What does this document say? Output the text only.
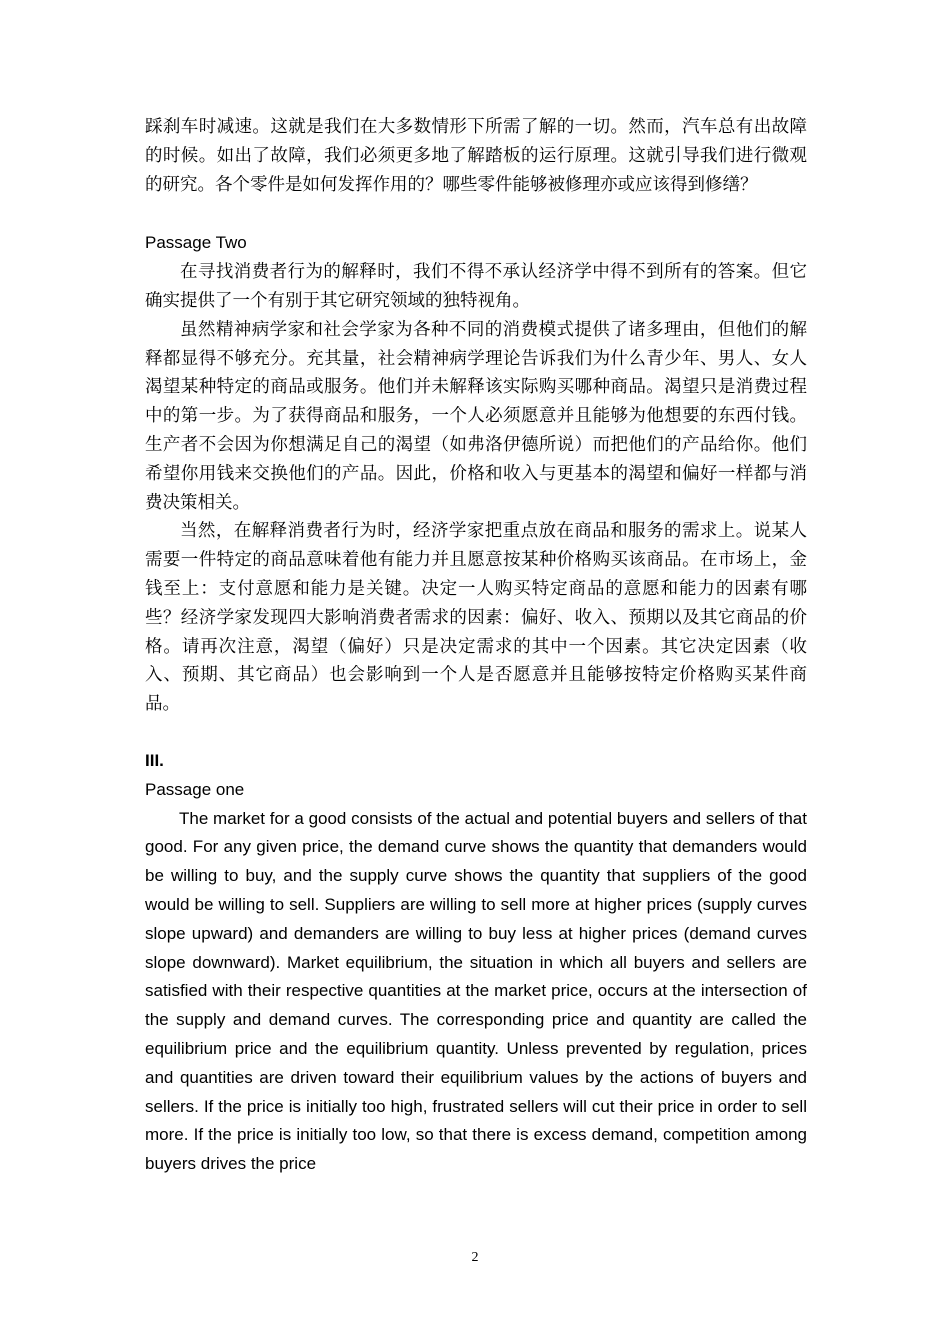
踩刹车时减速。这就是我们在大多数情形下所需了解的一切。然而，汽车总有出故障的时候。如出了故障，我们必须更多地了解踏板的运行原理。这就引导我们进行微观的研究。各个零件是如何发挥作用的？哪些零件能够被修理亦或应该得到修缮？

Passage Two

在寻找消费者行为的解释时，我们不得不承认经济学中得不到所有的答案。但它确实提供了一个有别于其它研究领域的独特视角。

虽然精神病学家和社会学家为各种不同的消费模式提供了诸多理由，但他们的解释都显得不够充分。充其量，社会精神病学理论告诉我们为什么青少年、男人、女人渴望某种特定的商品或服务。他们并未解释该实际购买哪种商品。渴望只是消费过程中的第一步。为了获得商品和服务，一个人必须愿意并且能够为他想要的东西付钱。生产者不会因为你想满足自己的渴望（如弗洛伊德所说）而把他们的产品给你。他们希望你用钱来交换他们的产品。因此，价格和收入与更基本的渴望和偏好一样都与消费决策相关。

当然，在解释消费者行为时，经济学家把重点放在商品和服务的需求上。说某人需要一件特定的商品意味着他有能力并且愿意按某种价格购买该商品。在市场上，金钱至上：支付意愿和能力是关键。决定一人购买特定商品的意愿和能力的因素有哪些？经济学家发现四大影响消费者需求的因素：偏好、收入、预期以及其它商品的价格。请再次注意，渴望（偏好）只是决定需求的其中一个因素。其它决定因素（收入、预期、其它商品）也会影响到一个人是否愿意并且能够按特定价格购买某件商品。

III.

Passage one

The market for a good consists of the actual and potential buyers and sellers of that good. For any given price, the demand curve shows the quantity that demanders would be willing to buy, and the supply curve shows the quantity that suppliers of the good would be willing to sell. Suppliers are willing to sell more at higher prices (supply curves slope upward) and demanders are willing to buy less at higher prices (demand curves slope downward). Market equilibrium, the situation in which all buyers and sellers are satisfied with their respective quantities at the market price, occurs at the intersection of the supply and demand curves. The corresponding price and quantity are called the equilibrium price and the equilibrium quantity. Unless prevented by regulation, prices and quantities are driven toward their equilibrium values by the actions of buyers and sellers. If the price is initially too high, frustrated sellers will cut their price in order to sell more. If the price is initially too low, so that there is excess demand, competition among buyers drives the price

2
